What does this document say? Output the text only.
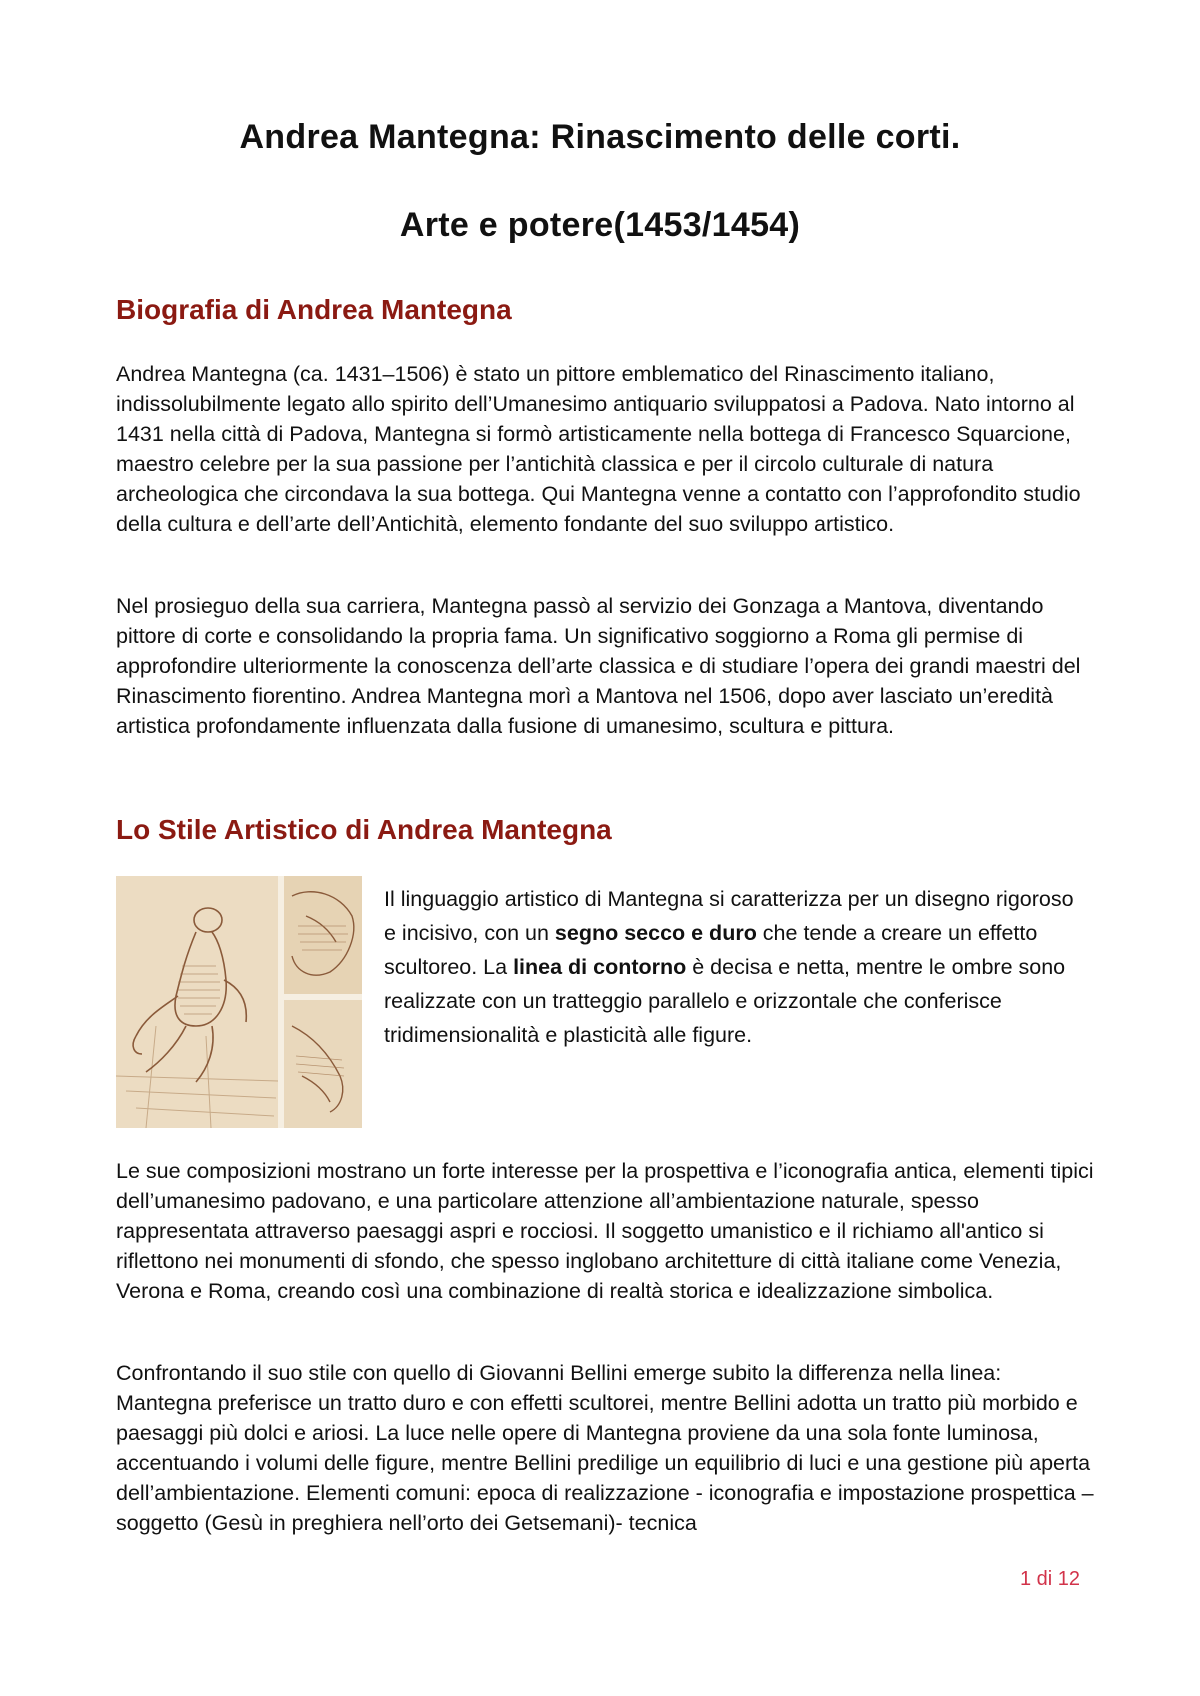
Andrea Mantegna: Rinascimento delle corti.
Arte e potere(1453/1454)
Biografia di Andrea Mantegna

Andrea Mantegna (ca. 1431–1506) è stato un pittore emblematico del Rinascimento italiano, indissolubilmente legato allo spirito dell’Umanesimo antiquario sviluppatosi a Padova. Nato intorno al 1431 nella città di Padova, Mantegna si formò artisticamente nella bottega di Francesco Squarcione, maestro celebre per la sua passione per l’antichità classica e per il circolo culturale di natura archeologica che circondava la sua bottega. Qui Mantegna venne a contatto con l’approfondito studio della cultura e dell’arte dell’Antichità, elemento fondante del suo sviluppo artistico.

Nel prosieguo della sua carriera, Mantegna passò al servizio dei Gonzaga a Mantova, diventando pittore di corte e consolidando la propria fama. Un significativo soggiorno a Roma gli permise di approfondire ulteriormente la conoscenza dell’arte classica e di studiare l’opera dei grandi maestri del Rinascimento fiorentino. Andrea Mantegna morì a Mantova nel 1506, dopo aver lasciato un’eredità artistica profondamente influenzata dalla fusione di umanesimo, scultura e pittura.

Lo Stile Artistico di Andrea Mantegna

Il linguaggio artistico di Mantegna si caratterizza per un disegno rigoroso e incisivo, con un segno secco e duro che tende a creare un effetto scultoreo. La linea di contorno è decisa e netta, mentre le ombre sono realizzate con un tratteggio parallelo e orizzontale che conferisce tridimensionalità e plasticità alle figure.

Le sue composizioni mostrano un forte interesse per la prospettiva e l’iconografia antica, elementi tipici dell’umanesimo padovano, e una particolare attenzione all’ambientazione naturale, spesso rappresentata attraverso paesaggi aspri e rocciosi. Il soggetto umanistico e il richiamo all'antico si riflettono nei monumenti di sfondo, che spesso inglobano architetture di città italiane come Venezia, Verona e Roma, creando così una combinazione di realtà storica e idealizzazione simbolica.

Confrontando il suo stile con quello di Giovanni Bellini emerge subito la differenza nella linea: Mantegna preferisce un tratto duro e con effetti scultorei, mentre Bellini adotta un tratto più morbido e paesaggi più dolci e ariosi. La luce nelle opere di Mantegna proviene da una sola fonte luminosa, accentuando i volumi delle figure, mentre Bellini predilige un equilibrio di luci e una gestione più aperta dell’ambientazione. Elementi comuni: epoca di realizzazione - iconografia e impostazione prospettica – soggetto (Gesù in preghiera nell’orto dei Getsemani)- tecnica

1 di 12
